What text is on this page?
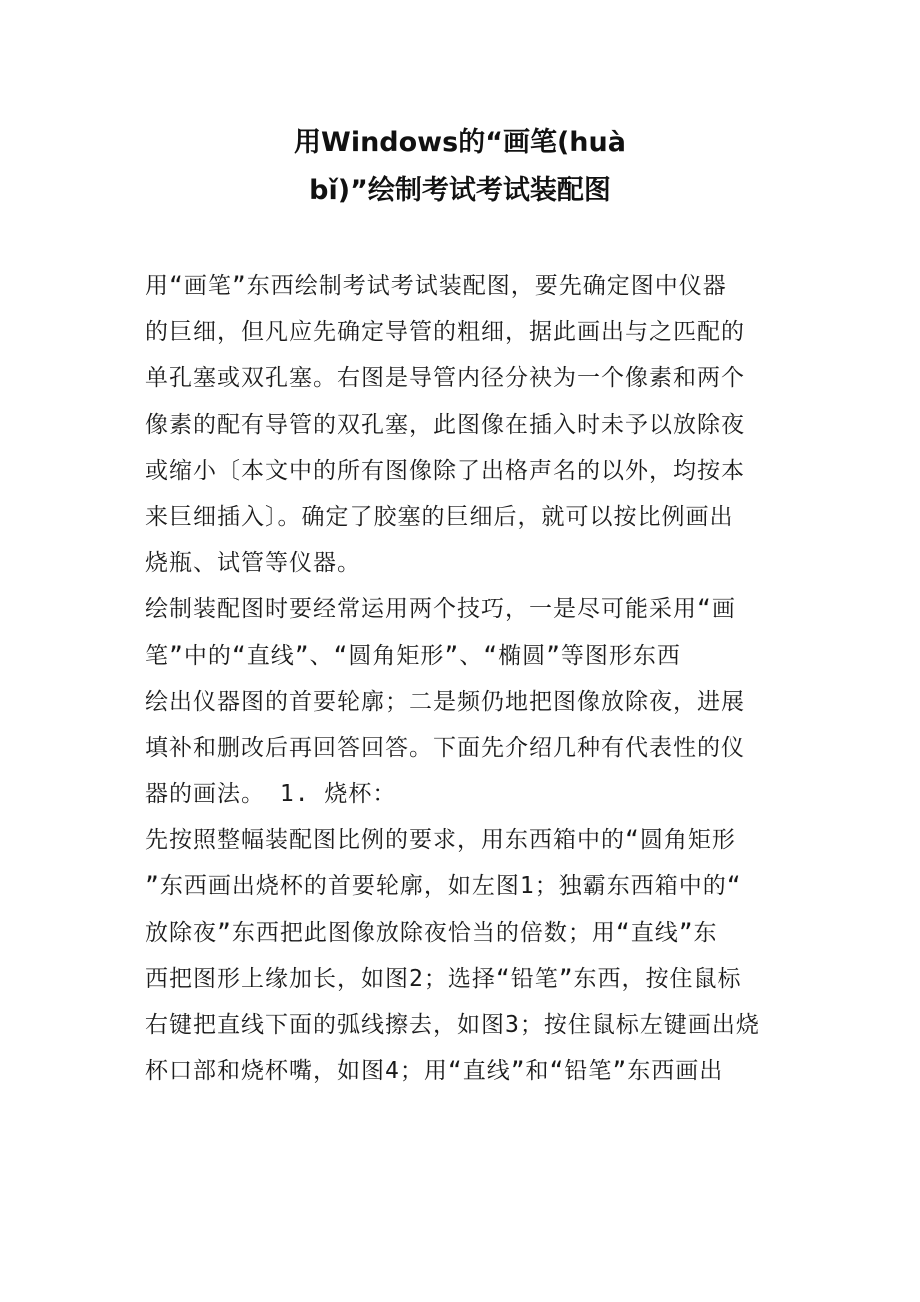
用Windows的“画笔(huà
bǐ)”绘制考试考试装配图
用“画笔”东西绘制考试考试装配图，要先确定图中仪器
的巨细，但凡应先确定导管的粗细，据此画出与之匹配的
单孔塞或双孔塞。右图是导管内径分袂为一个像素和两个
像素的配有导管的双孔塞，此图像在插入时未予以放除夜
或缩小〔本文中的所有图像除了出格声名的以外，均按本
来巨细插入〕。确定了胶塞的巨细后，就可以按比例画出
烧瓶、试管等仪器。
绘制装配图时要经常运用两个技巧，一是尽可能采用“画
笔”中的“直线”、“圆角矩形”、“椭圆”等图形东西
绘出仪器图的首要轮廓；二是频仍地把图像放除夜，进展
填补和删改后再回答回答。下面先介绍几种有代表性的仪
器的画法。 1. 烧杯：
先按照整幅装配图比例的要求，用东西箱中的“圆角矩形
”东西画出烧杯的首要轮廓，如左图1；独霸东西箱中的“
放除夜”东西把此图像放除夜恰当的倍数；用“直线”东
西把图形上缘加长，如图2；选择“铅笔”东西，按住鼠标
右键把直线下面的弧线擦去，如图3；按住鼠标左键画出烧
杯口部和烧杯嘴，如图4；用“直线”和“铅笔”东西画出
